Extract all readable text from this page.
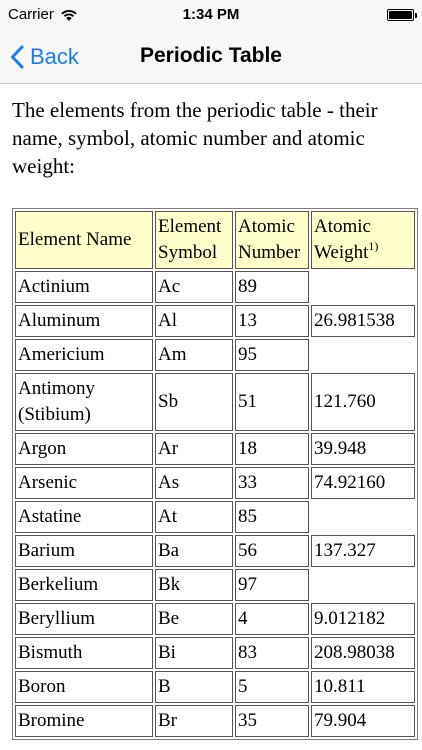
Carrier	1:34 PM
Back	Periodic Table
The elements from the periodic table - their name, symbol, atomic number and atomic weight:
Element Name	Element Symbol	Atomic Number	Atomic Weight$^{1)}$
Actinium	Ac	89	
Aluminum	Al	13	26.981538
Americium	Am	95	
Antimony (Stibium)	Sb	51	121.760
Argon	Ar	18	39.948
Arsenic	As	33	74.92160
Astatine	At	85	
Barium	Ba	56	137.327
Berkelium	Bk	97	
Beryllium	Be	4	9.012182
Bismuth	Bi	83	208.98038
Boron	B	5	10.811
Bromine	Br	35	79.904
